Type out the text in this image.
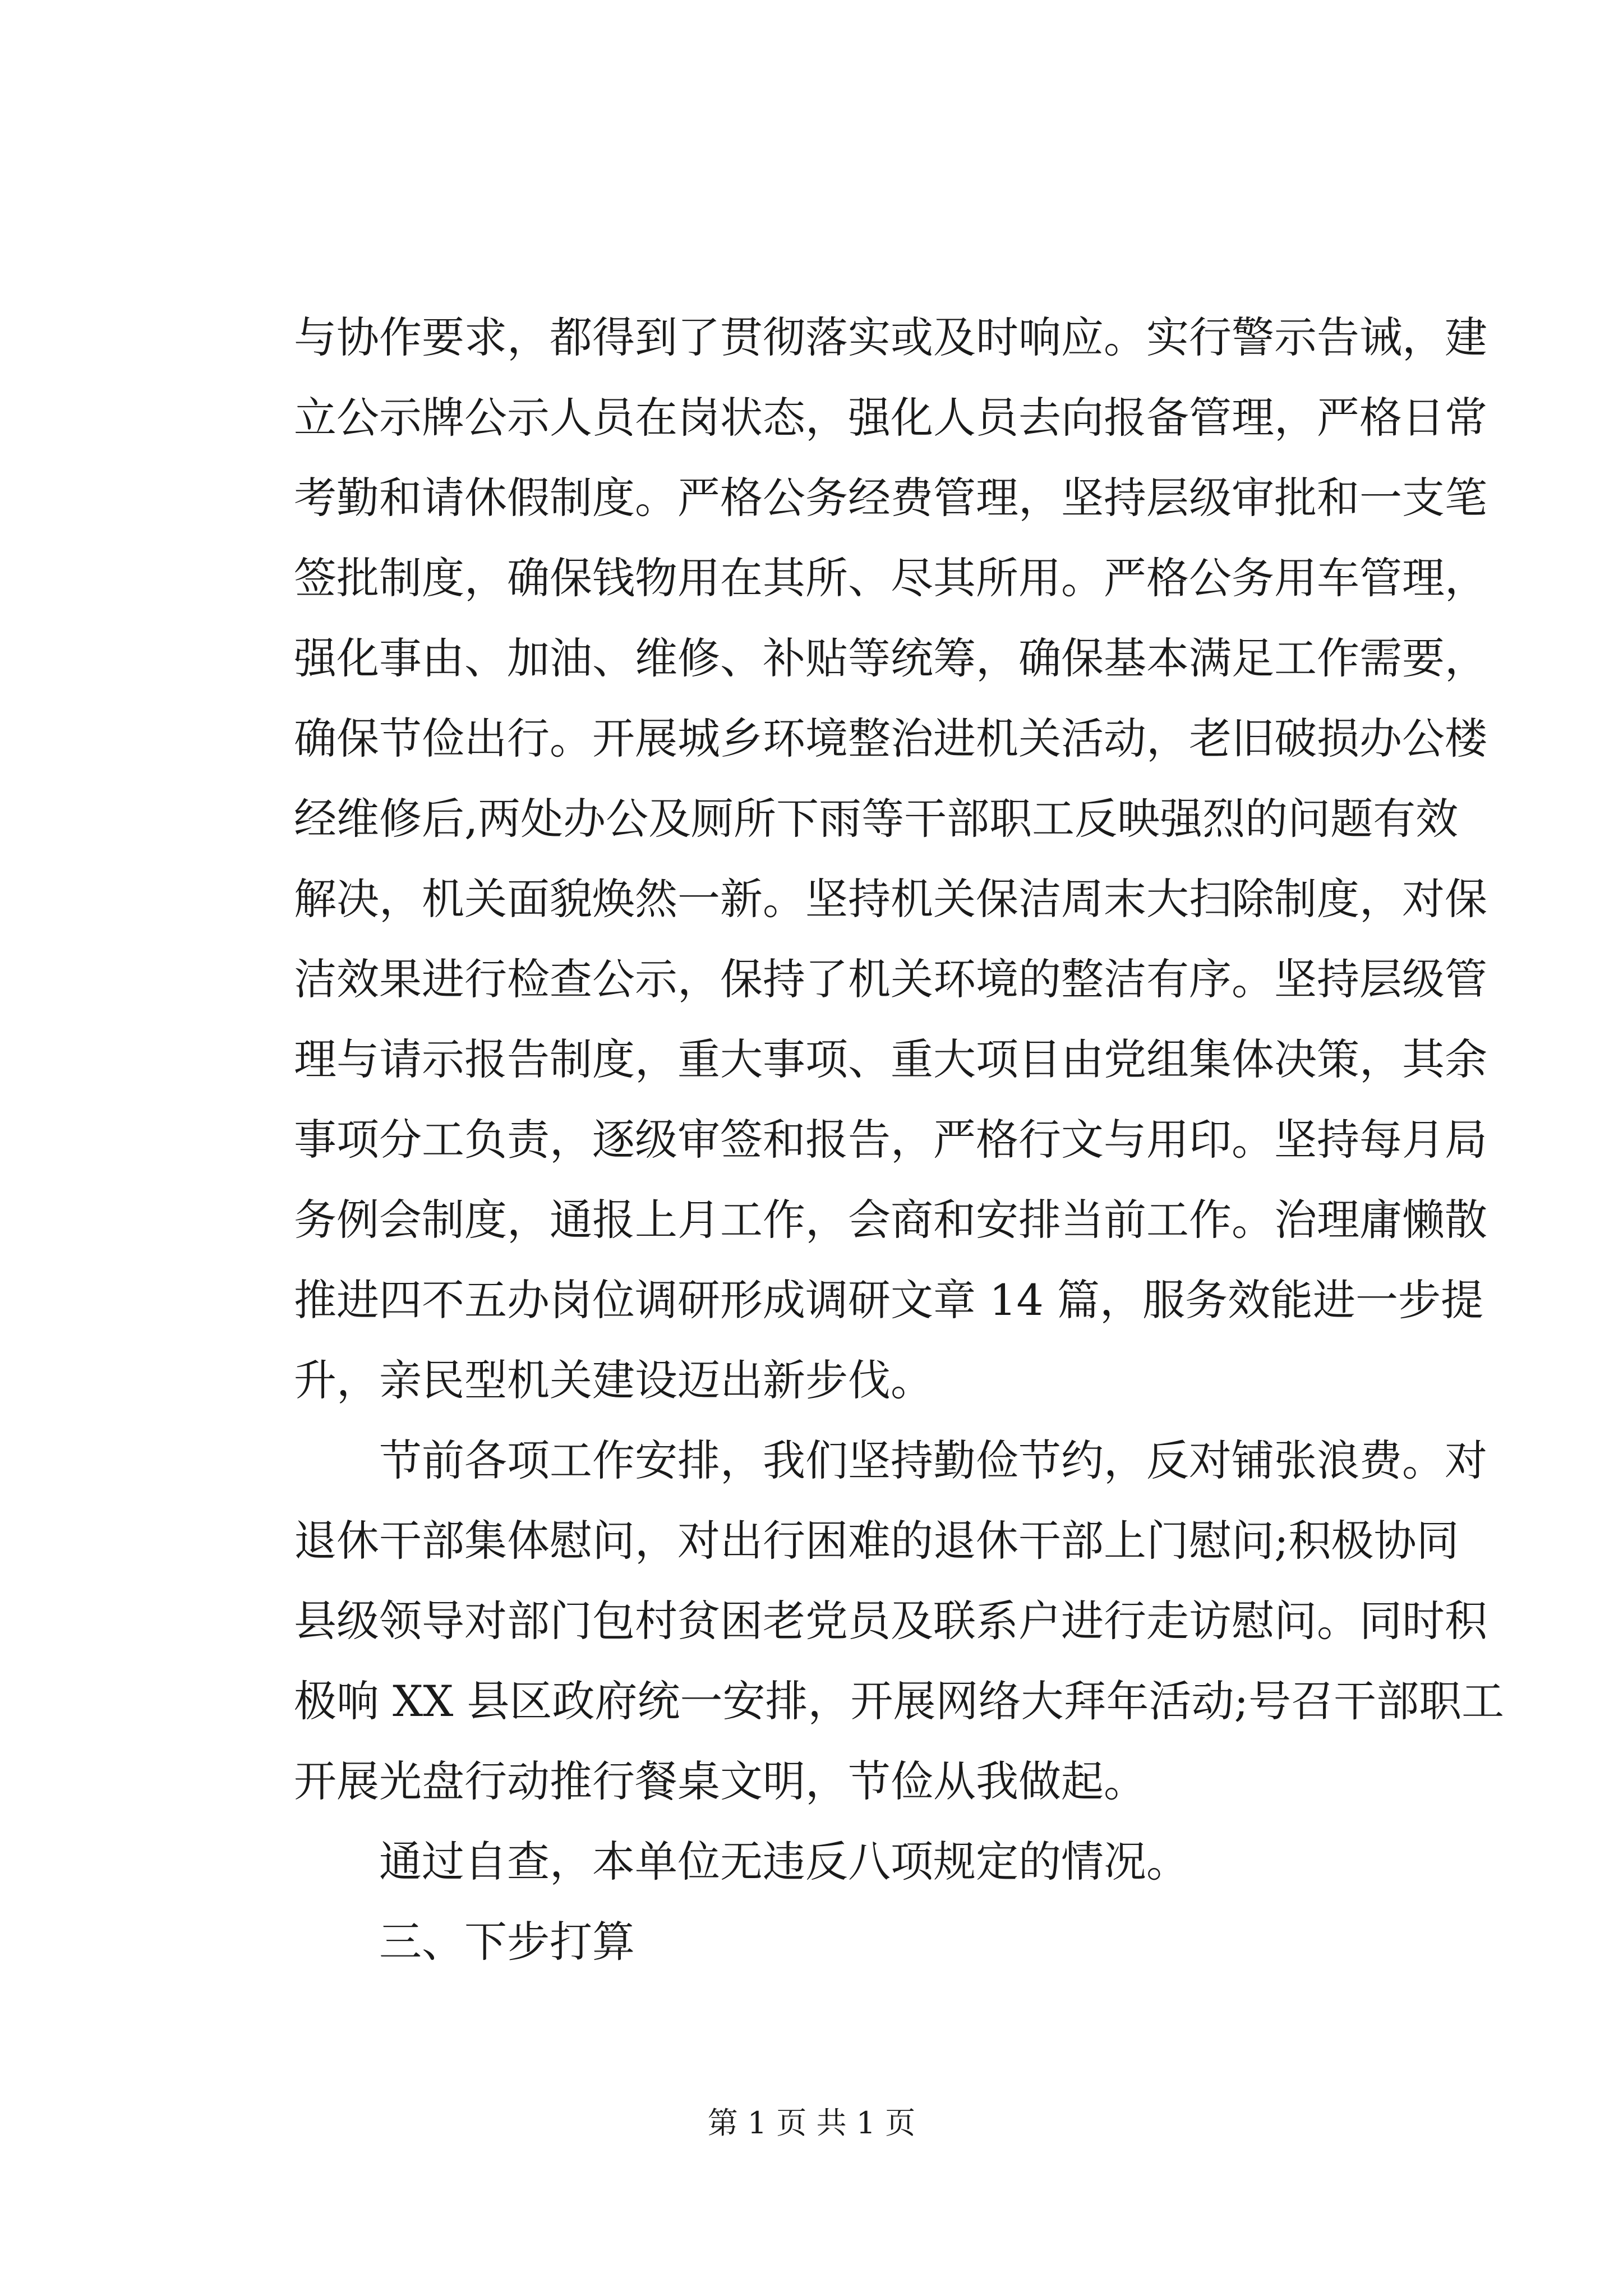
与协作要求，都得到了贯彻落实或及时响应。实行警示告诫，建
立公示牌公示人员在岗状态，强化人员去向报备管理，严格日常
考勤和请休假制度。严格公务经费管理，坚持层级审批和一支笔
签批制度，确保钱物用在其所、尽其所用。严格公务用车管理，
强化事由、加油、维修、补贴等统筹，确保基本满足工作需要，
确保节俭出行。开展城乡环境整治进机关活动，老旧破损办公楼
经维修后,两处办公及厕所下雨等干部职工反映强烈的问题有效
解决，机关面貌焕然一新。坚持机关保洁周末大扫除制度，对保
洁效果进行检查公示，保持了机关环境的整洁有序。坚持层级管
理与请示报告制度，重大事项、重大项目由党组集体决策，其余
事项分工负责，逐级审签和报告，严格行文与用印。坚持每月局
务例会制度，通报上月工作，会商和安排当前工作。治理庸懒散
推进四不五办岗位调研形成调研文章 14 篇，服务效能进一步提
升，亲民型机关建设迈出新步伐。
节前各项工作安排，我们坚持勤俭节约，反对铺张浪费。对
退休干部集体慰问，对出行困难的退休干部上门慰问;积极协同
县级领导对部门包村贫困老党员及联系户进行走访慰问。同时积
极响 XX 县区政府统一安排，开展网络大拜年活动;号召干部职工
开展光盘行动推行餐桌文明，节俭从我做起。
通过自查，本单位无违反八项规定的情况。
三、下步打算
第 1 页 共 1 页
